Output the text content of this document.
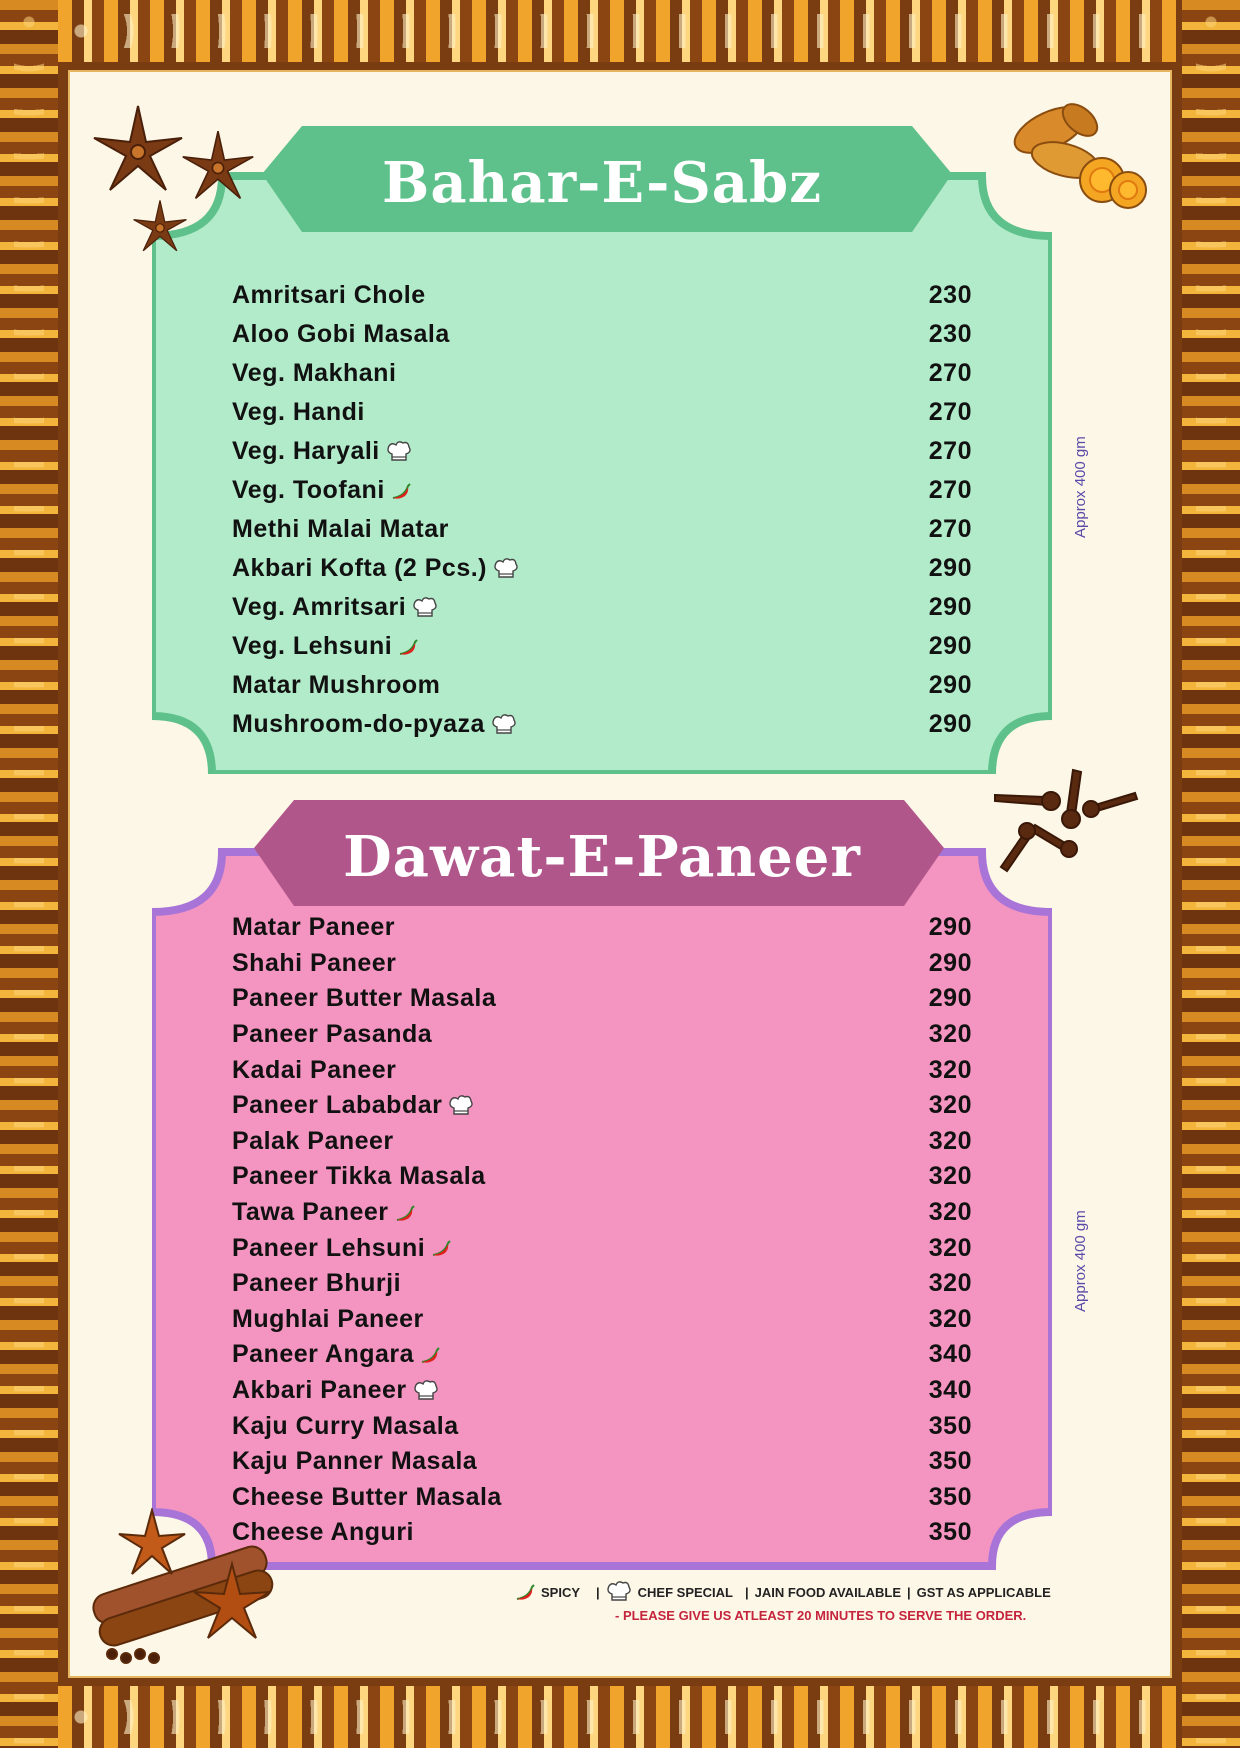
Bahar-E-Sabz
Amritsari Chole	230
Aloo Gobi Masala	230
Veg. Makhani	270
Veg. Handi	270
Veg. Haryali	270
Veg. Toofani	270
Methi Malai Matar	270
Akbari Kofta (2 Pcs.)	290
Veg. Amritsari	290
Veg. Lehsuni	290
Matar Mushroom	290
Mushroom-do-pyaza	290
Approx 400 gm
Dawat-E-Paneer
Matar Paneer	290
Shahi Paneer	290
Paneer Butter Masala	290
Paneer Pasanda	320
Kadai Paneer	320
Paneer Lababdar	320
Palak Paneer	320
Paneer Tikka Masala	320
Tawa Paneer	320
Paneer Lehsuni	320
Paneer Bhurji	320
Mughlai Paneer	320
Paneer Angara	340
Akbari Paneer	340
Kaju Curry Masala	350
Kaju Panner Masala	350
Cheese Butter Masala	350
Cheese Anguri	350
Approx 400 gm
SPICY |	CHEF SPECIAL | JAIN FOOD AVAILABLE | GST AS APPLICABLE
- PLEASE GIVE US ATLEAST 20 MINUTES TO SERVE THE ORDER.
